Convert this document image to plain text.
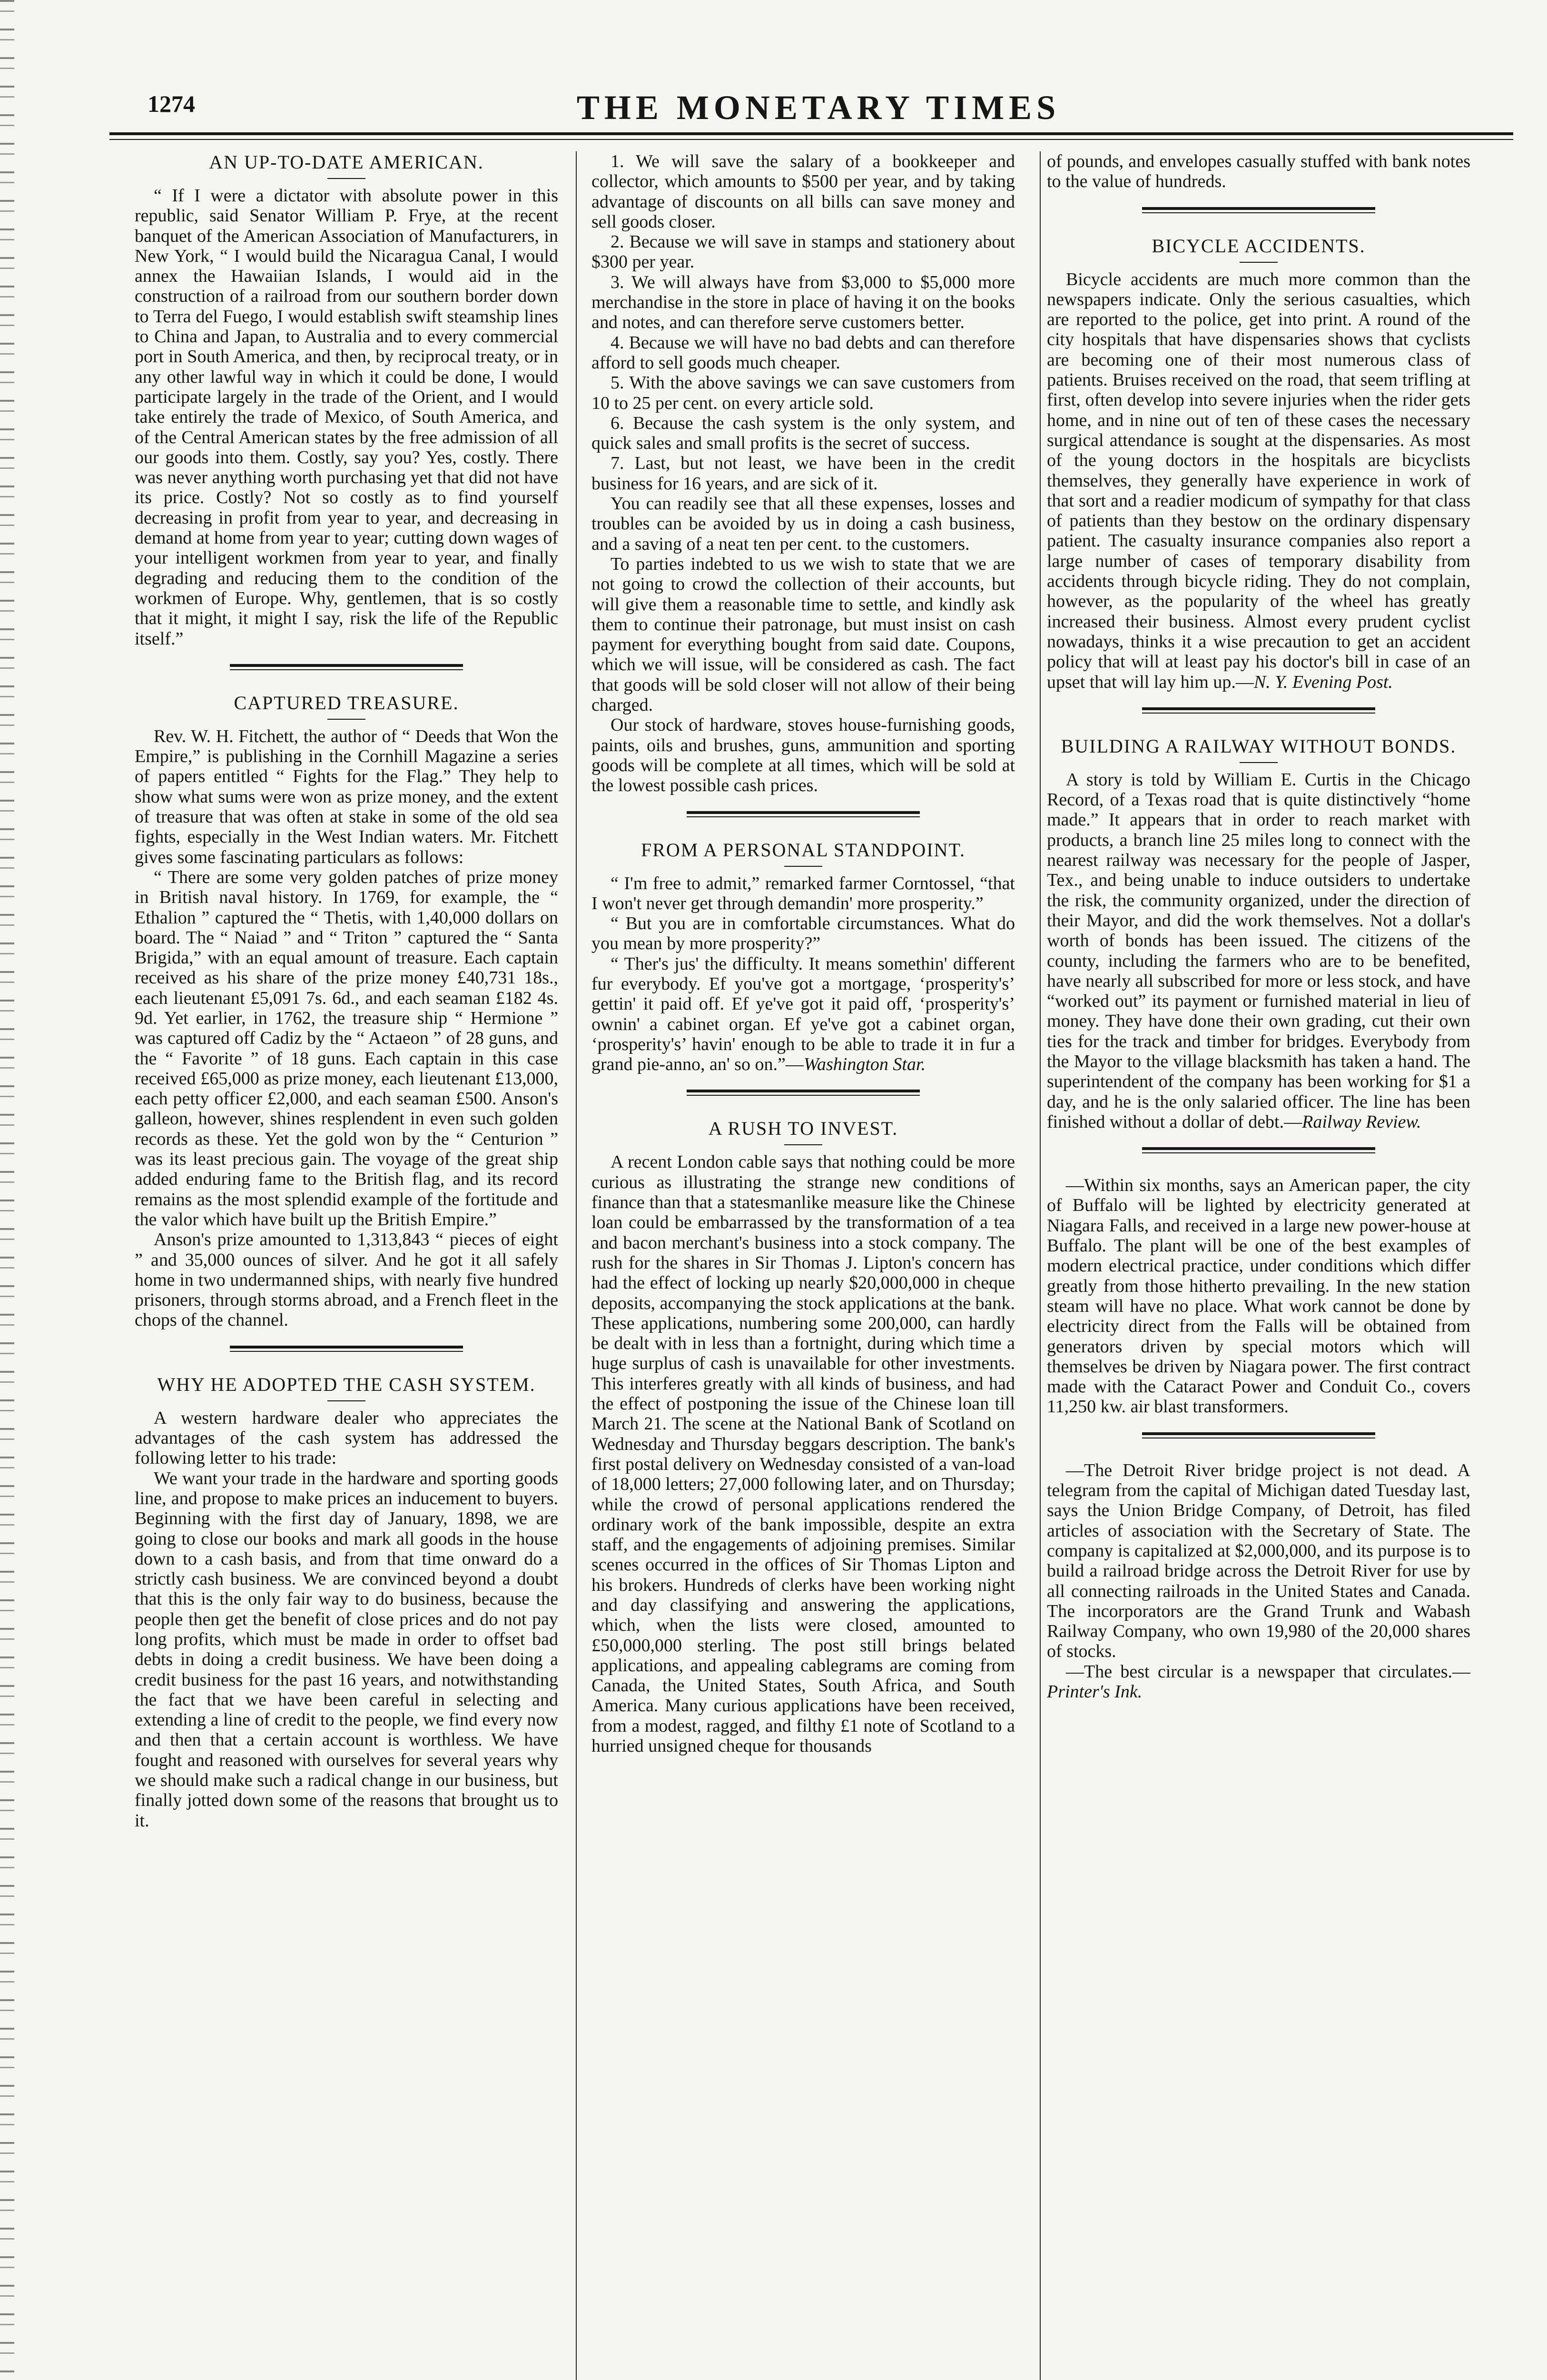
1274	THE MONETARY TIMES
AN UP-TO-DATE AMERICAN.

“ If I were a dictator with absolute power in this republic, said Senator William P. Frye, at the recent banquet of the American Association of Manufacturers, in New York, “ I would build the Nicaragua Canal, I would annex the Hawaiian Islands, I would aid in the construction of a railroad from our southern border down to Terra del Fuego, I would establish swift steamship lines to China and Japan, to Australia and to every commercial port in South America, and then, by reciprocal treaty, or in any other lawful way in which it could be done, I would participate largely in the trade of the Orient, and I would take entirely the trade of Mexico, of South America, and of the Central American states by the free admission of all our goods into them. Costly, say you? Yes, costly. There was never anything worth purchasing yet that did not have its price. Costly? Not so costly as to find yourself decreasing in profit from year to year, and decreasing in demand at home from year to year; cutting down wages of your intelligent workmen from year to year, and finally degrading and reducing them to the condition of the workmen of Europe. Why, gentlemen, that is so costly that it might, it might I say, risk the life of the Republic itself.”

CAPTURED TREASURE.

Rev. W. H. Fitchett, the author of “ Deeds that Won the Empire,” is publishing in the Cornhill Magazine a series of papers entitled “ Fights for the Flag.” They help to show what sums were won as prize money, and the extent of treasure that was often at stake in some of the old sea fights, especially in the West Indian waters. Mr. Fitchett gives some fascinating particulars as follows:

“ There are some very golden patches of prize money in British naval history. In 1769, for example, the “ Ethalion ” captured the “ Thetis, with 1,40,000 dollars on board. The “ Naiad ” and “ Triton ” captured the “ Santa Brigida,” with an equal amount of treasure. Each captain received as his share of the prize money £40,731 18s., each lieutenant £5,091 7s. 6d., and each seaman £182 4s. 9d. Yet earlier, in 1762, the treasure ship “ Hermione ” was captured off Cadiz by the “ Actaeon ” of 28 guns, and the “ Favorite ” of 18 guns. Each captain in this case received £65,000 as prize money, each lieutenant £13,000, each petty officer £2,000, and each seaman £500. Anson's galleon, however, shines resplendent in even such golden records as these. Yet the gold won by the “ Centurion ” was its least precious gain. The voyage of the great ship added enduring fame to the British flag, and its record remains as the most splendid example of the fortitude and the valor which have built up the British Empire.”

Anson's prize amounted to 1,313,843 “ pieces of eight ” and 35,000 ounces of silver. And he got it all safely home in two undermanned ships, with nearly five hundred prisoners, through storms abroad, and a French fleet in the chops of the channel.

WHY HE ADOPTED THE CASH SYSTEM.

A western hardware dealer who appreciates the advantages of the cash system has addressed the following letter to his trade:

We want your trade in the hardware and sporting goods line, and propose to make prices an inducement to buyers. Beginning with the first day of January, 1898, we are going to close our books and mark all goods in the house down to a cash basis, and from that time onward do a strictly cash business. We are convinced beyond a doubt that this is the only fair way to do business, because the people then get the benefit of close prices and do not pay long profits, which must be made in order to offset bad debts in doing a credit business. We have been doing a credit business for the past 16 years, and notwithstanding the fact that we have been careful in selecting and extending a line of credit to the people, we find every now and then that a certain account is worthless. We have fought and reasoned with ourselves for several years why we should make such a radical change in our business, but finally jotted down some of the reasons that brought us to it.

1. We will save the salary of a bookkeeper and collector, which amounts to $500 per year, and by taking advantage of discounts on all bills can save money and sell goods closer.

2. Because we will save in stamps and stationery about $300 per year.

3. We will always have from $3,000 to $5,000 more merchandise in the store in place of having it on the books and notes, and can therefore serve customers better.

4. Because we will have no bad debts and can therefore afford to sell goods much cheaper.

5. With the above savings we can save customers from 10 to 25 per cent. on every article sold.

6. Because the cash system is the only system, and quick sales and small profits is the secret of success.

7. Last, but not least, we have been in the credit business for 16 years, and are sick of it.

You can readily see that all these expenses, losses and troubles can be avoided by us in doing a cash business, and a saving of a neat ten per cent. to the customers.

To parties indebted to us we wish to state that we are not going to crowd the collection of their accounts, but will give them a reasonable time to settle, and kindly ask them to continue their patronage, but must insist on cash payment for everything bought from said date. Coupons, which we will issue, will be considered as cash. The fact that goods will be sold closer will not allow of their being charged.

Our stock of hardware, stoves house-furnishing goods, paints, oils and brushes, guns, ammunition and sporting goods will be complete at all times, which will be sold at the lowest possible cash prices.

FROM A PERSONAL STANDPOINT.

“ I'm free to admit,” remarked farmer Corntossel, “that I won't never get through demandin' more prosperity.”

“ But you are in comfortable circumstances. What do you mean by more prosperity?”

“ Ther's jus' the difficulty. It means somethin' different fur everybody. Ef you've got a mortgage, ‘prosperity's’ gettin' it paid off. Ef ye've got it paid off, ‘prosperity's’ ownin' a cabinet organ. Ef ye've got a cabinet organ, ‘prosperity's’ havin' enough to be able to trade it in fur a grand pie-anno, an' so on.”—Washington Star.

A RUSH TO INVEST.

A recent London cable says that nothing could be more curious as illustrating the strange new conditions of finance than that a statesmanlike measure like the Chinese loan could be embarrassed by the transformation of a tea and bacon merchant's business into a stock company. The rush for the shares in Sir Thomas J. Lipton's concern has had the effect of locking up nearly $20,000,000 in cheque deposits, accompanying the stock applications at the bank. These applications, numbering some 200,000, can hardly be dealt with in less than a fortnight, during which time a huge surplus of cash is unavailable for other investments. This interferes greatly with all kinds of business, and had the effect of postponing the issue of the Chinese loan till March 21. The scene at the National Bank of Scotland on Wednesday and Thursday beggars description. The bank's first postal delivery on Wednesday consisted of a van-load of 18,000 letters; 27,000 following later, and on Thursday; while the crowd of personal applications rendered the ordinary work of the bank impossible, despite an extra staff, and the engagements of adjoining premises. Similar scenes occurred in the offices of Sir Thomas Lipton and his brokers. Hundreds of clerks have been working night and day classifying and answering the applications, which, when the lists were closed, amounted to £50,000,000 sterling. The post still brings belated applications, and appealing cablegrams are coming from Canada, the United States, South Africa, and South America. Many curious applications have been received, from a modest, ragged, and filthy £1 note of Scotland to a hurried unsigned cheque for thousands

of pounds, and envelopes casually stuffed with bank notes to the value of hundreds.

BICYCLE ACCIDENTS.

Bicycle accidents are much more common than the newspapers indicate. Only the serious casualties, which are reported to the police, get into print. A round of the city hospitals that have dispensaries shows that cyclists are becoming one of their most numerous class of patients. Bruises received on the road, that seem trifling at first, often develop into severe injuries when the rider gets home, and in nine out of ten of these cases the necessary surgical attendance is sought at the dispensaries. As most of the young doctors in the hospitals are bicyclists themselves, they generally have experience in work of that sort and a readier modicum of sympathy for that class of patients than they bestow on the ordinary dispensary patient. The casualty insurance companies also report a large number of cases of temporary disability from accidents through bicycle riding. They do not complain, however, as the popularity of the wheel has greatly increased their business. Almost every prudent cyclist nowadays, thinks it a wise precaution to get an accident policy that will at least pay his doctor's bill in case of an upset that will lay him up.—N. Y. Evening Post.

BUILDING A RAILWAY WITHOUT BONDS.

A story is told by William E. Curtis in the Chicago Record, of a Texas road that is quite distinctively “home made.” It appears that in order to reach market with products, a branch line 25 miles long to connect with the nearest railway was necessary for the people of Jasper, Tex., and being unable to induce outsiders to undertake the risk, the community organized, under the direction of their Mayor, and did the work themselves. Not a dollar's worth of bonds has been issued. The citizens of the county, including the farmers who are to be benefited, have nearly all subscribed for more or less stock, and have “worked out” its payment or furnished material in lieu of money. They have done their own grading, cut their own ties for the track and timber for bridges. Everybody from the Mayor to the village blacksmith has taken a hand. The superintendent of the company has been working for $1 a day, and he is the only salaried officer. The line has been finished without a dollar of debt.—Railway Review.

—Within six months, says an American paper, the city of Buffalo will be lighted by electricity generated at Niagara Falls, and received in a large new power-house at Buffalo. The plant will be one of the best examples of modern electrical practice, under conditions which differ greatly from those hitherto prevailing. In the new station steam will have no place. What work cannot be done by electricity direct from the Falls will be obtained from generators driven by special motors which will themselves be driven by Niagara power. The first contract made with the Cataract Power and Conduit Co., covers 11,250 kw. air blast transformers.

—The Detroit River bridge project is not dead. A telegram from the capital of Michigan dated Tuesday last, says the Union Bridge Company, of Detroit, has filed articles of association with the Secretary of State. The company is capitalized at $2,000,000, and its purpose is to build a railroad bridge across the Detroit River for use by all connecting railroads in the United States and Canada. The incorporators are the Grand Trunk and Wabash Railway Company, who own 19,980 of the 20,000 shares of stocks.

—The best circular is a newspaper that circulates.—Printer's Ink.
